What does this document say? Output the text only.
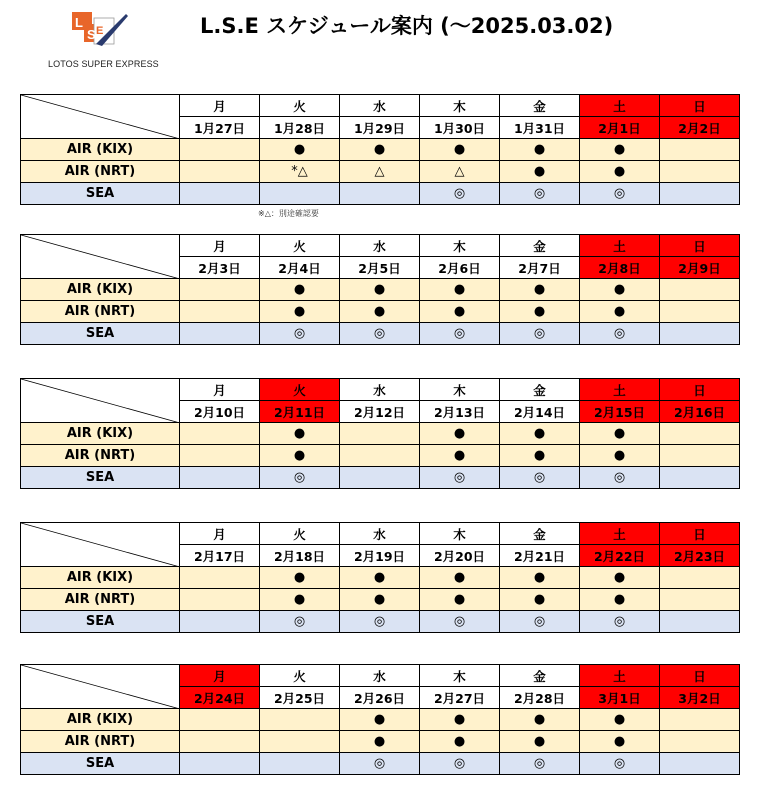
L
S E
LOTOS SUPER EXPRESS
L.S.E スケジュール案内 (～2025.03.02)
	月	火	水	木	金	土	日
	1月27日	1月28日	1月29日	1月30日	1月31日	2月1日	2月2日
AIR (KIX)		●	●	●	●	●	
AIR (NRT)		*△	△	△	●	●	
SEA				◎	◎	◎	
	月	火	水	木	金	土	日
	2月3日	2月4日	2月5日	2月6日	2月7日	2月8日	2月9日
AIR (KIX)		●	●	●	●	●	
AIR (NRT)		●	●	●	●	●	
SEA		◎	◎	◎	◎	◎	
	月	火	水	木	金	土	日
	2月10日	2月11日	2月12日	2月13日	2月14日	2月15日	2月16日
AIR (KIX)		●		●	●	●	
AIR (NRT)		●		●	●	●	
SEA		◎		◎	◎	◎	
	月	火	水	木	金	土	日
	2月17日	2月18日	2月19日	2月20日	2月21日	2月22日	2月23日
AIR (KIX)		●	●	●	●	●	
AIR (NRT)		●	●	●	●	●	
SEA		◎	◎	◎	◎	◎	
	月	火	水	木	金	土	日
	2月24日	2月25日	2月26日	2月27日	2月28日	3月1日	3月2日
AIR (KIX)			●	●	●	●	
AIR (NRT)			●	●	●	●	
SEA			◎	◎	◎	◎	
※△：別途確認要
